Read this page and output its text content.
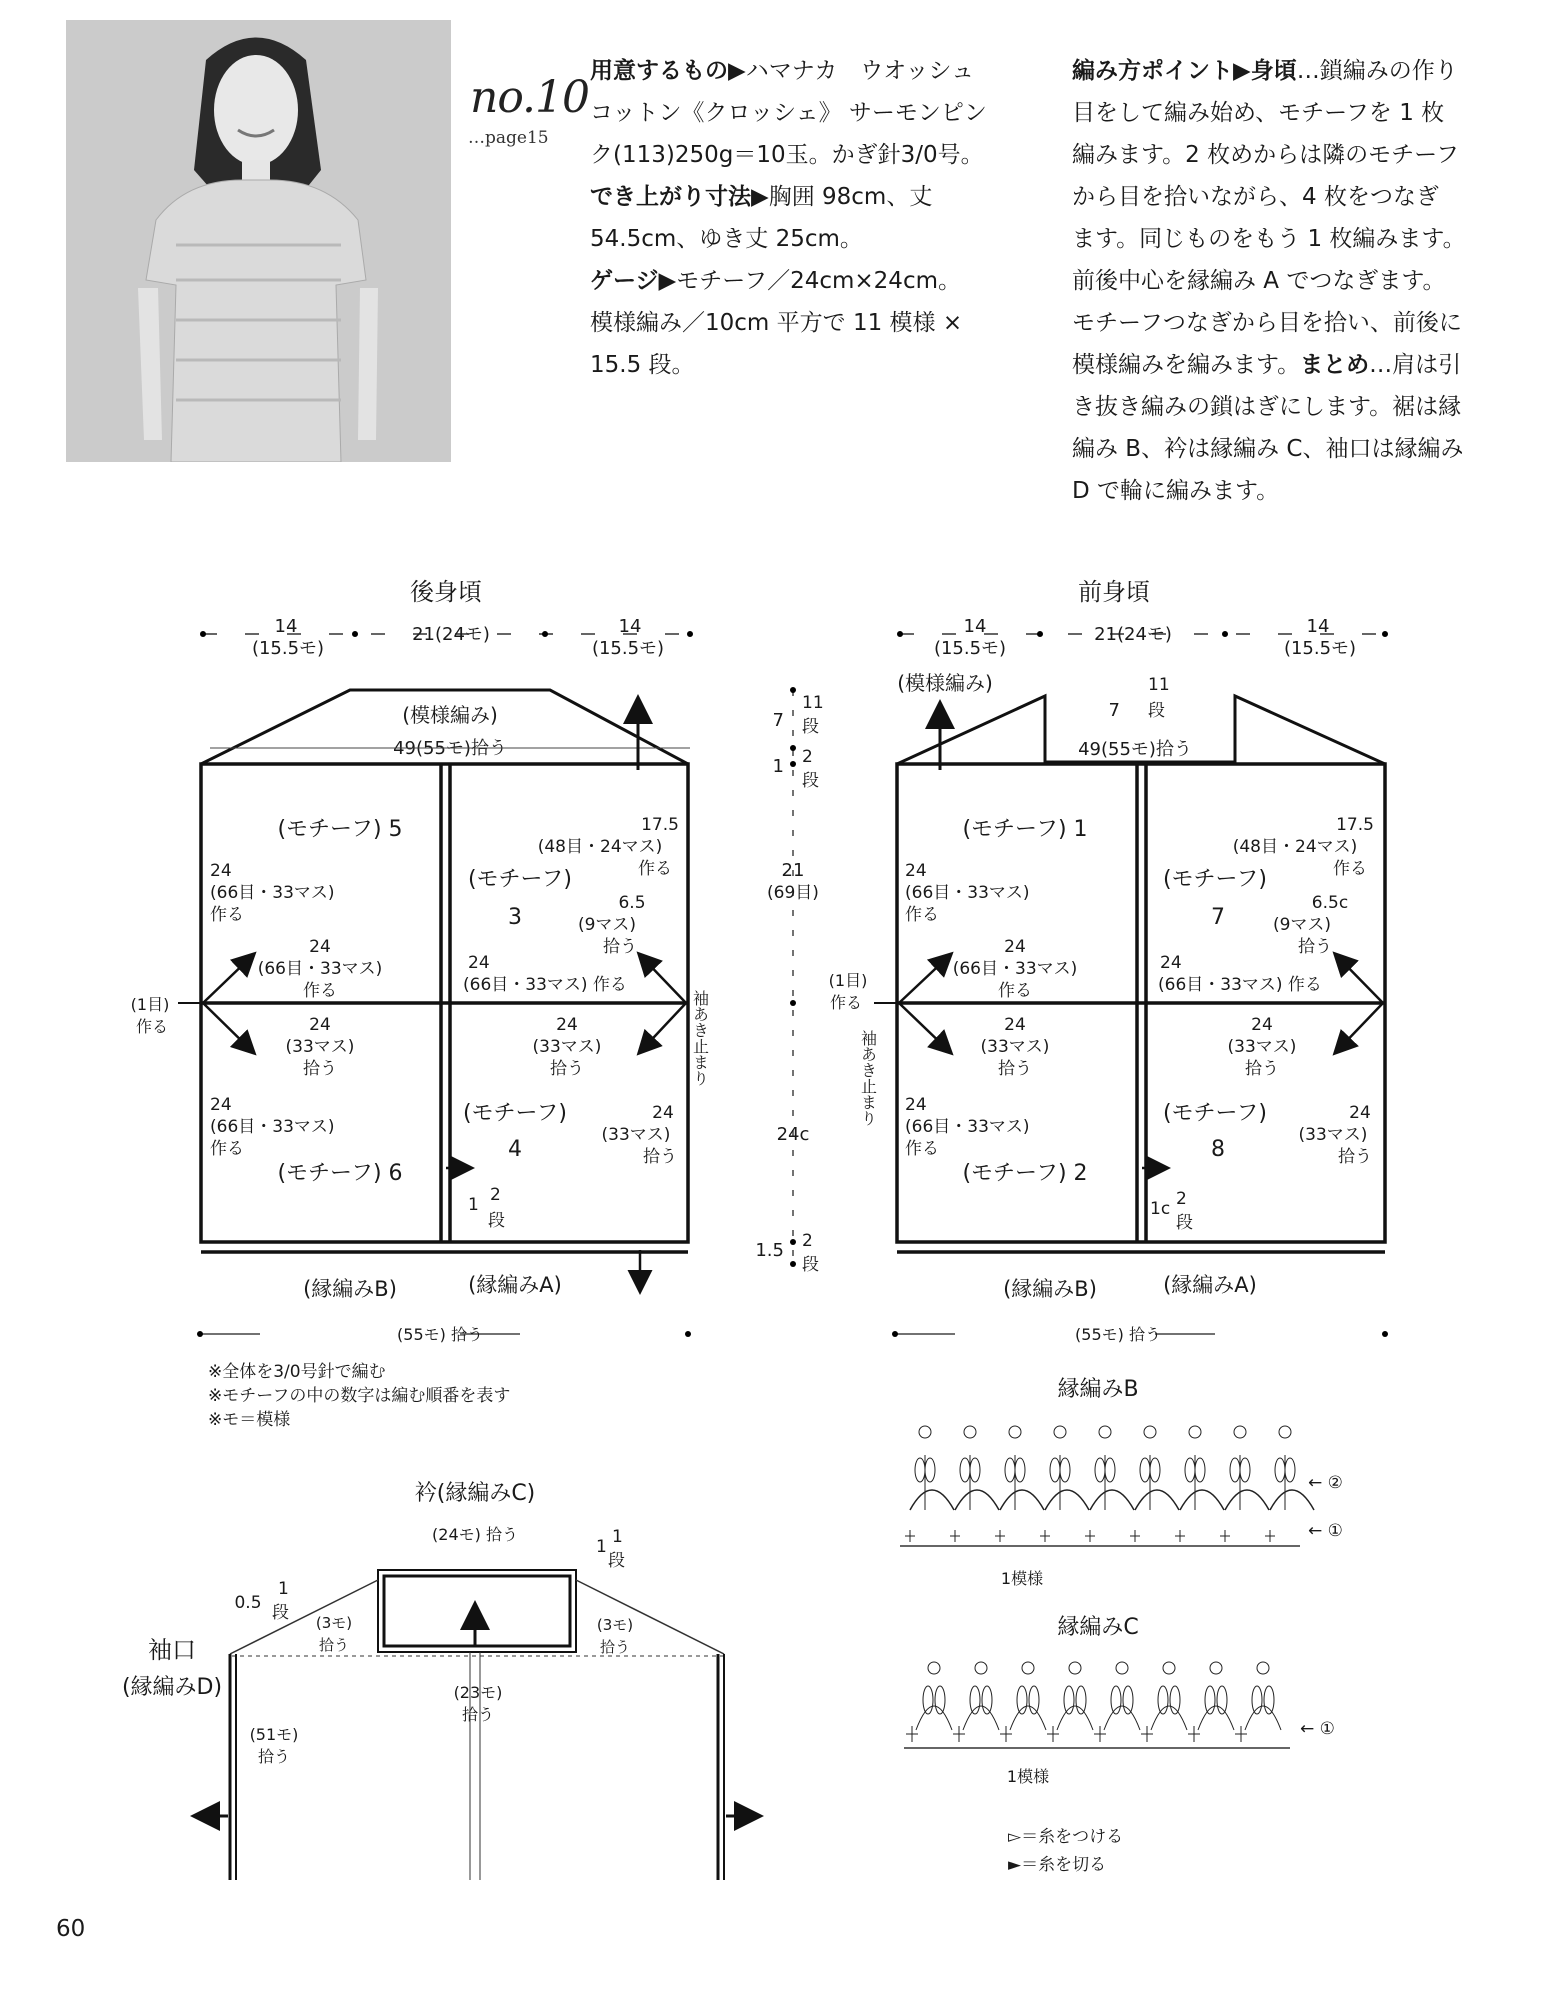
no.10
…page15

用意するもの▶ハマナカ　ウオッシュ

コットン《クロッシェ》 サーモンピン

ク(113)250g＝10玉。かぎ針3/0号。

でき上がり寸法▶胸囲 98cm、丈

54.5cm、ゆき丈 25cm。

ゲージ▶モチーフ／24cm×24cm。

模様編み／10cm 平方で 11 模様 ×

15.5 段。

編み方ポイント▶身頃…鎖編みの作り

目をして編み始め、モチーフを 1 枚

編みます。2 枚めからは隣のモチーフ

から目を拾いながら、4 枚をつなぎ

ます。同じものをもう 1 枚編みます。

前後中心を縁編み A でつなぎます。

モチーフつなぎから目を拾い、前後に

模様編みを編みます。まとめ…肩は引

き抜き編みの鎖はぎにします。裾は縁

編み B、衿は縁編み C、袖口は縁編み

D で輪に編みます。

後身頃
14
(15.5モ)
21(24モ)	14
(15.5モ)
(模様編み)
49(55モ)拾う
(モチーフ) 5
(モチーフ)
3
(モチーフ) 6
(モチーフ)
4
24
(66目・33マス)
作る
24
(66目・33マス)
作る
24
(66目・33マス)
作る
24
(33マス)
拾う
24
(66目・33マス) 作る
24
(33マス)
拾う
24
(33マス)
拾う
17.5
(48目・24マス)
作る
6.5
(9マス)
拾う
(1目)
作る	袖あき止まり
1 2
段
(縁編みB)	(縁編みA)
(55モ) 拾う
7
11
段
1 2
段
21
(69目)
24c
1.5 2
段
前身頃
14
(15.5モ)
21(24モ)	14
(15.5モ)
(模様編み)
49(55モ)拾う
7
11
段
(モチーフ) 1
(モチーフ)
7
(モチーフ) 2
(モチーフ)
8
24
(66目・33マス)
作る
24
(66目・33マス)
作る
24
(66目・33マス)
作る
24
(33マス)
拾う
24
(66目・33マス) 作る
24
(33マス)
拾う
24
(33マス)
拾う
17.5
(48目・24マス)
作る
6.5c
(9マス)
拾う
(1目)
作る
袖あき止まり
1c 2
段
(縁編みB)	(縁編みA)
(55モ) 拾う
衿(縁編みC)
(24モ) 拾う
1 1
段
(3モ)
拾う
(3モ)
拾う
(23モ)
拾う
袖口
(縁編みD)
0.5
1
段
(51モ)
拾う
縁編みB
← ②
← ①
1模様
縁編みC
← ①
1模様
▻＝糸をつける
►＝糸を切る
※全体を3/0号針で編む
※モチーフの中の数字は編む順番を表す
※モ＝模様
60
